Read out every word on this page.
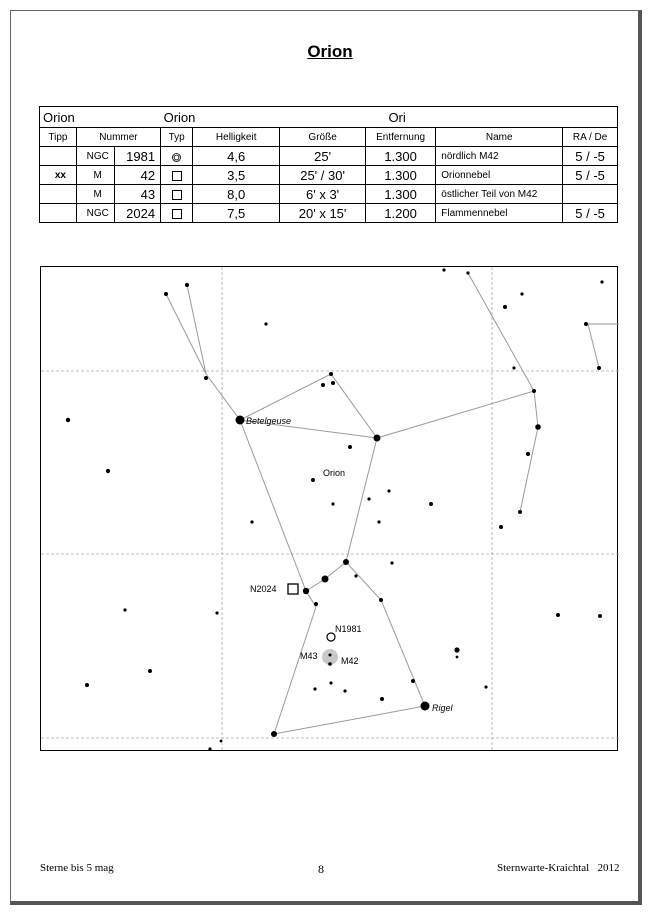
Orion
Orion			Orion			Ori		
Tipp	Nummer		Typ	Helligkeit	Größe	Entfernung	Name	RA / De
	NGC	1981		4,6	25'	1.300	nördlich M42	5 / -5
xx	M	42		3,5	25' / 30'	1.300	Orionnebel	5 / -5
	M	43		8,0	6' x 3'	1.300	östlicher Teil von M42	
	NGC	2024		7,5	20' x 15'	1.200	Flammennebel	5 / -5
Betelgeuse
Rigel
Orion
N2024
N1981
M43	M42
Sterne bis 5 mag	8	Sternwarte-Kraichtal   2012
